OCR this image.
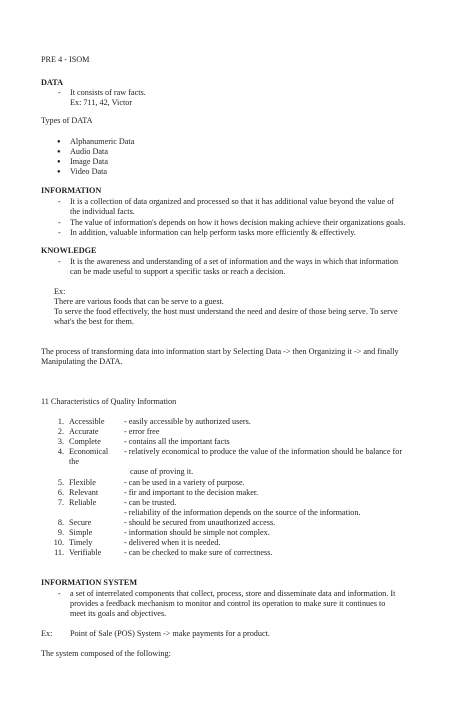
PRE 4 - ISOM
DATA
- It consists of raw facts.
Ex: 711, 42, Victor
Types of DATA
● Alphanumeric Data
● Audio Data
● Image Data
● Video Data
INFORMATION
- It is a collection of data organized and processed so that it has additional value beyond the value of
the individual facts.
- The value of information's depends on how it hows decision making achieve their organizations goals.
- In addition, valuable information can help perform tasks more efficiently & effectively.
KNOWLEDGE
- It is the awareness and understanding of a set of information and the ways in which that information
can be made useful to support a specific tasks or reach a decision.
Ex:
There are various foods that can be serve to a guest.
To serve the food effectively, the host must understand the need and desire of those being serve. To serve
what's the best for them.
The process of transforming data into information start by Selecting Data -> then Organizing it -> and finally
Manipulating the DATA.
11 Characteristics of Quality Information
1. Accessible - easily accessible by authorized users.
2. Accurate	- error free
3. Complete	- contains all the important facts
4. Economical - relatively economical to produce the value of the information should be balance for
the
cause of proving it.
5. Flexible	- can be used in a variety of purpose.
6. Relevant	- fir and important to the decision maker.
7. Reliable	- can be trusted.
- reliability of the information depends on the source of the information.
8. Secure	- should be secured from unauthorized access.
9. Simple	- information should be simple not complex.
10. Timely	- delivered when it is needed.
11. Verifiable	- can be checked to make sure of correctness.
INFORMATION SYSTEM
- a set of interrelated components that collect, process, store and disseminate data and information. It
provides a feedback mechanism to monitor and control its operation to make sure it continues to
meet its goals and objectives.
Ex: Point of Sale (POS) System -> make payments for a product.
The system composed of the following:
